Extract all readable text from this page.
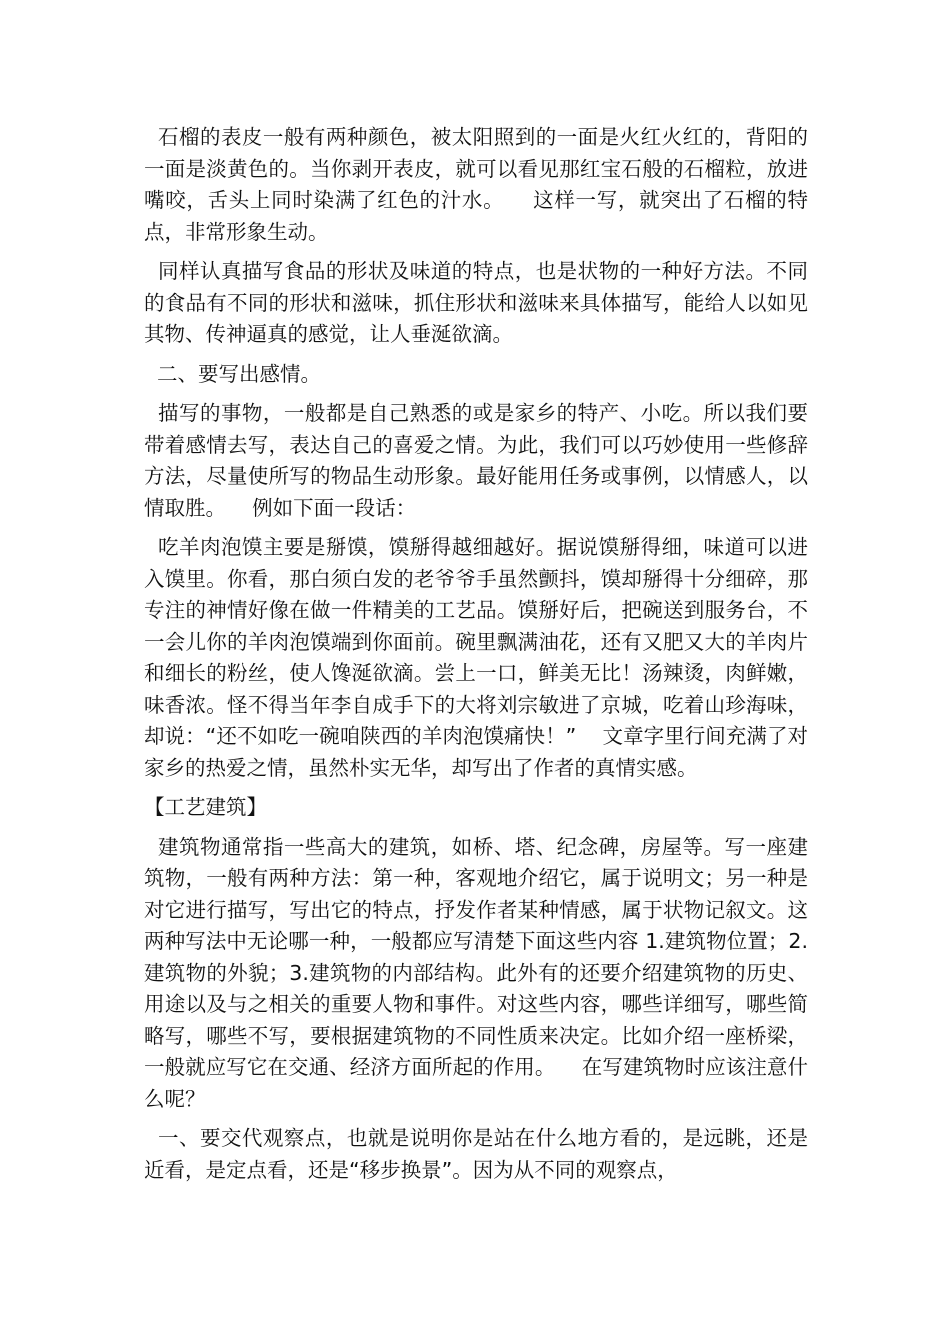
石榴的表皮一般有两种颜色，被太阳照到的一面是火红火红的，背阳的一面是淡黄色的。当你剥开表皮，就可以看见那红宝石般的石榴粒，放进嘴咬，舌头上同时染满了红色的汁水。    这样一写，就突出了石榴的特点，非常形象生动。

同样认真描写食品的形状及味道的特点，也是状物的一种好方法。不同的食品有不同的形状和滋味，抓住形状和滋味来具体描写，能给人以如见其物、传神逼真的感觉，让人垂涎欲滴。

二、要写出感情。

描写的事物，一般都是自己熟悉的或是家乡的特产、小吃。所以我们要带着感情去写，表达自己的喜爱之情。为此，我们可以巧妙使用一些修辞方法，尽量使所写的物品生动形象。最好能用任务或事例，以情感人，以情取胜。    例如下面一段话：

吃羊肉泡馍主要是掰馍，馍掰得越细越好。据说馍掰得细，味道可以进入馍里。你看，那白须白发的老爷爷手虽然颤抖，馍却掰得十分细碎，那专注的神情好像在做一件精美的工艺品。馍掰好后，把碗送到服务台，不一会儿你的羊肉泡馍端到你面前。碗里飘满油花，还有又肥又大的羊肉片和细长的粉丝，使人馋涎欲滴。尝上一口，鲜美无比！汤辣烫，肉鲜嫩，味香浓。怪不得当年李自成手下的大将刘宗敏进了京城，吃着山珍海味，却说：“还不如吃一碗咱陕西的羊肉泡馍痛快！”    文章字里行间充满了对家乡的热爱之情，虽然朴实无华，却写出了作者的真情实感。

【工艺建筑】

建筑物通常指一些高大的建筑，如桥、塔、纪念碑，房屋等。写一座建筑物，一般有两种方法：第一种，客观地介绍它，属于说明文；另一种是对它进行描写，写出它的特点，抒发作者某种情感，属于状物记叙文。这两种写法中无论哪一种，一般都应写清楚下面这些内容 1.建筑物位置；2.建筑物的外貌；3.建筑物的内部结构。此外有的还要介绍建筑物的历史、用途以及与之相关的重要人物和事件。对这些内容，哪些详细写，哪些简略写，哪些不写，要根据建筑物的不同性质来决定。比如介绍一座桥梁，一般就应写它在交通、经济方面所起的作用。    在写建筑物时应该注意什么呢？

一、要交代观察点，也就是说明你是站在什么地方看的，是远眺，还是近看，是定点看，还是“移步换景”。因为从不同的观察点，
